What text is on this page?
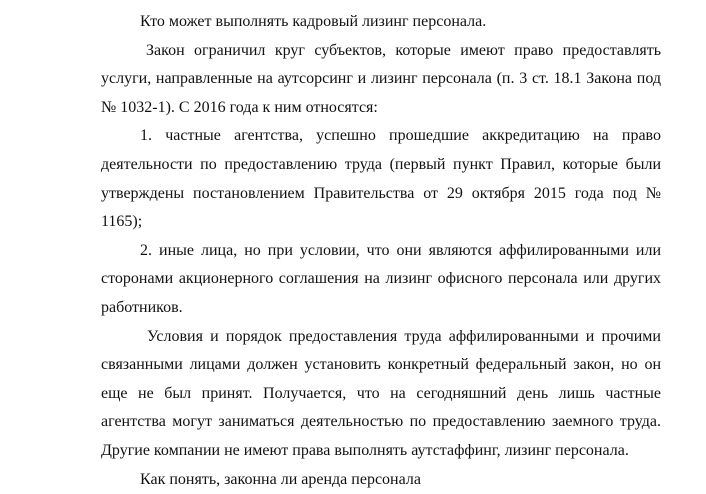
Кто может выполнять кадровый лизинг персонала.

Закон ограничил круг субъектов, которые имеют право предоставлять услуги, направленные на аутсорсинг и лизинг персонала (п. 3 ст. 18.1 Закона под № 1032-1). С 2016 года к ним относятся:

1. частные агентства, успешно прошедшие аккредитацию на право деятельности по предоставлению труда (первый пункт Правил, которые были утверждены постановлением Правительства от 29 октября 2015 года под № 1165);

2. иные лица, но при условии, что они являются аффилированными или сторонами акционерного соглашения на лизинг офисного персонала или других работников.

Условия и порядок предоставления труда аффилированными и прочими связанными лицами должен установить конкретный федеральный закон, но он еще не был принят. Получается, что на сегодняшний день лишь частные агентства могут заниматься деятельностью по предоставлению заемного труда. Другие компании не имеют права выполнять аутстаффинг, лизинг персонала.

Как понять, законна ли аренда персонала
